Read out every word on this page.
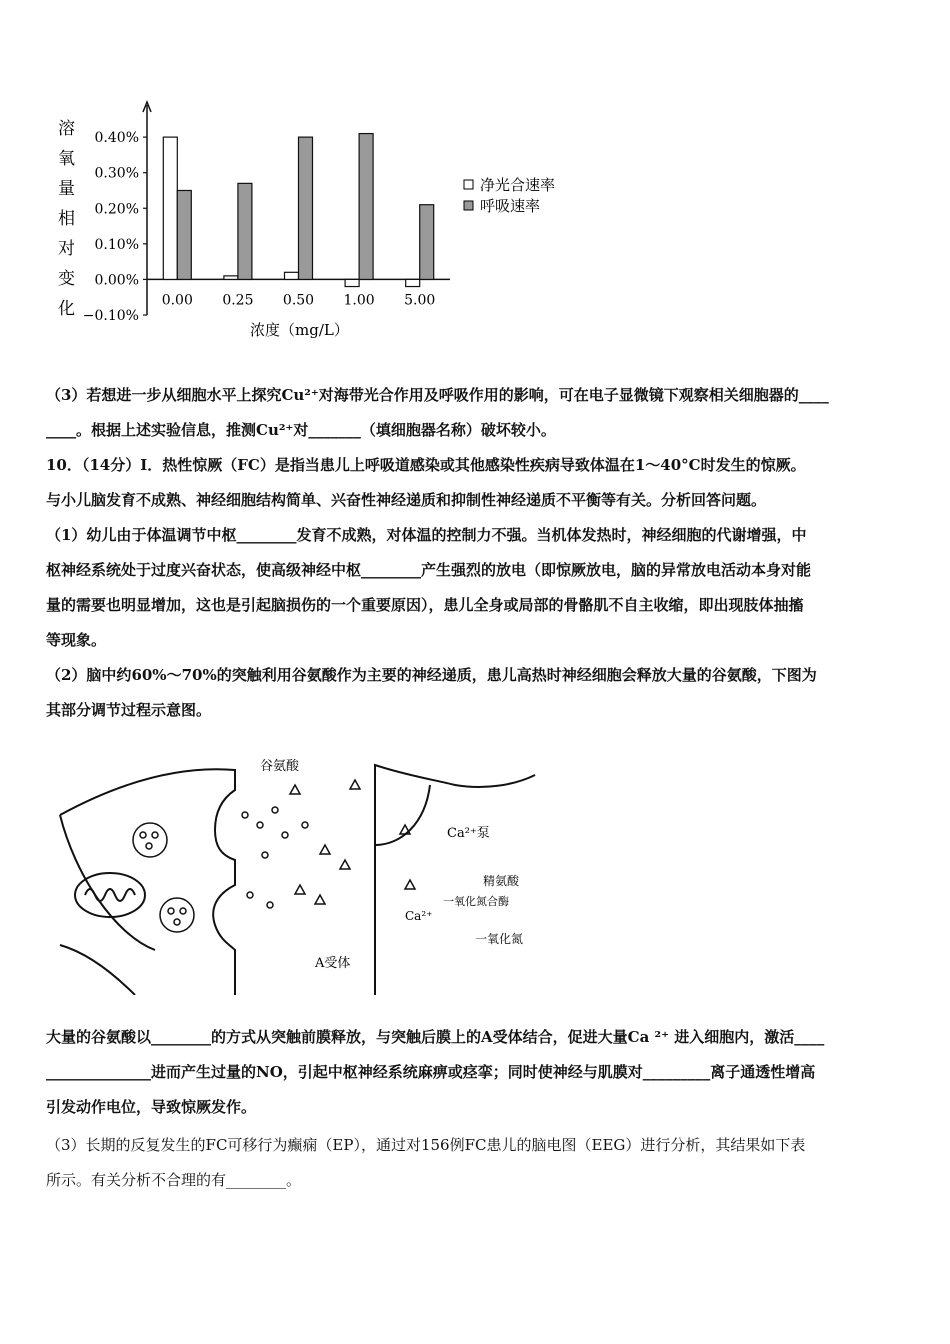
溶
氧
量
相
对
变
化
0.40%
0.30%
0.20%
0.10%
0.00%
−0.10%
0.00 0.25 0.50 1.00 5.00
浓度（mg/L）
净光合速率
呼吸速率

（3）若想进一步从细胞水平上探究Cu²⁺对海带光合作用及呼吸作用的影响，可在电子显微镜下观察相关细胞器的____

____。根据上述实验信息，推测Cu²⁺对_______（填细胞器名称）破坏较小。

10．（14分）Ⅰ．热性惊厥（FC）是指当患儿上呼吸道感染或其他感染性疾病导致体温在1～40°C时发生的惊厥。

与小儿脑发育不成熟、神经细胞结构简单、兴奋性神经递质和抑制性神经递质不平衡等有关。分析回答问题。

（1）幼儿由于体温调节中枢________发育不成熟，对体温的控制力不强。当机体发热时，神经细胞的代谢增强，中

枢神经系统处于过度兴奋状态，使高级神经中枢________产生强烈的放电（即惊厥放电，脑的异常放电活动本身对能

量的需要也明显增加，这也是引起脑损伤的一个重要原因），患儿全身或局部的骨骼肌不自主收缩，即出现肢体抽搐

等现象。

（2）脑中约60%～70%的突触利用谷氨酸作为主要的神经递质，患儿高热时神经细胞会释放大量的谷氨酸，下图为

其部分调节过程示意图。

谷氨酸
Ca²⁺泵
精氨酸
一氧化氮合酶
Ca²⁺
一氧化氮
A受体

大量的谷氨酸以________的方式从突触前膜释放，与突触后膜上的A受体结合，促进大量Ca ²⁺ 进入细胞内，激活____

______________进而产生过量的NO，引起中枢神经系统麻痹或痉挛；同时使神经与肌膜对_________离子通透性增高

引发动作电位，导致惊厥发作。

（3）长期的反复发生的FC可移行为癫痫（EP），通过对156例FC患儿的脑电图（EEG）进行分析，其结果如下表

所示。有关分析不合理的有________。
